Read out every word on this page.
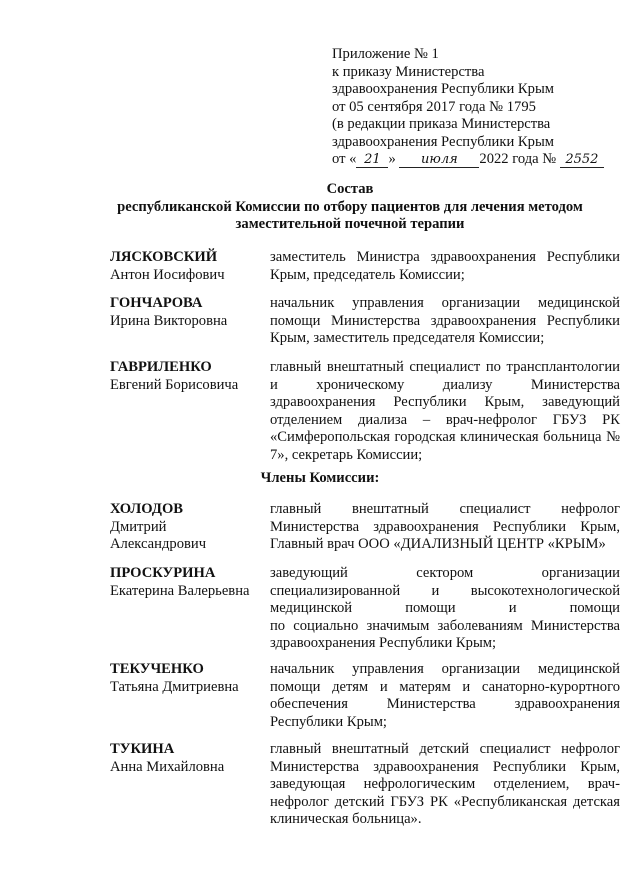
Приложение № 1
к приказу Министерства
здравоохранения Республики Крым
от 05 сентября 2017 года № 1795
(в редакции приказа Министерства
здравоохранения Республики Крым
от « 21 » июля 2022 года № 2552
Состав
республиканской Комиссии по отбору пациентов для лечения методом
заместительной почечной терапии
ЛЯСКОВСКИЙ
Антон Иосифович
заместитель Министра здравоохранения Республики
Крым, председатель Комиссии;
ГОНЧАРОВА
Ирина Викторовна
начальник управления организации медицинской
помощи Министерства здравоохранения Республики
Крым, заместитель председателя Комиссии;
ГАВРИЛЕНКО
Евгений Борисовича
главный внештатный специалист по трансплантологии
и хроническому диализу Министерства
здравоохранения Республики Крым, заведующий
отделением диализа – врач-нефролог ГБУЗ РК
«Симферопольская городская клиническая больница №
7», секретарь Комиссии;
Члены Комиссии:
ХОЛОДОВ
Дмитрий
Александрович
главный внештатный специалист нефролог
Министерства здравоохранения Республики Крым,
Главный врач ООО «ДИАЛИЗНЫЙ ЦЕНТР «КРЫМ»
ПРОСКУРИНА
Екатерина Валерьевна
заведующий сектором организации
специализированной и высокотехнологической
медицинской помощи и помощи
по социально значимым заболеваниям Министерства
здравоохранения Республики Крым;
ТЕКУЧЕНКО
Татьяна Дмитриевна
начальник управления организации медицинской
помощи детям и матерям и санаторно-курортного
обеспечения Министерства здравоохранения
Республики Крым;
ТУКИНА
Анна Михайловна
главный внештатный детский специалист нефролог
Министерства здравоохранения Республики Крым,
заведующая нефрологическим отделением, врач-
нефролог детский ГБУЗ РК «Республиканская детская
клиническая больница».
